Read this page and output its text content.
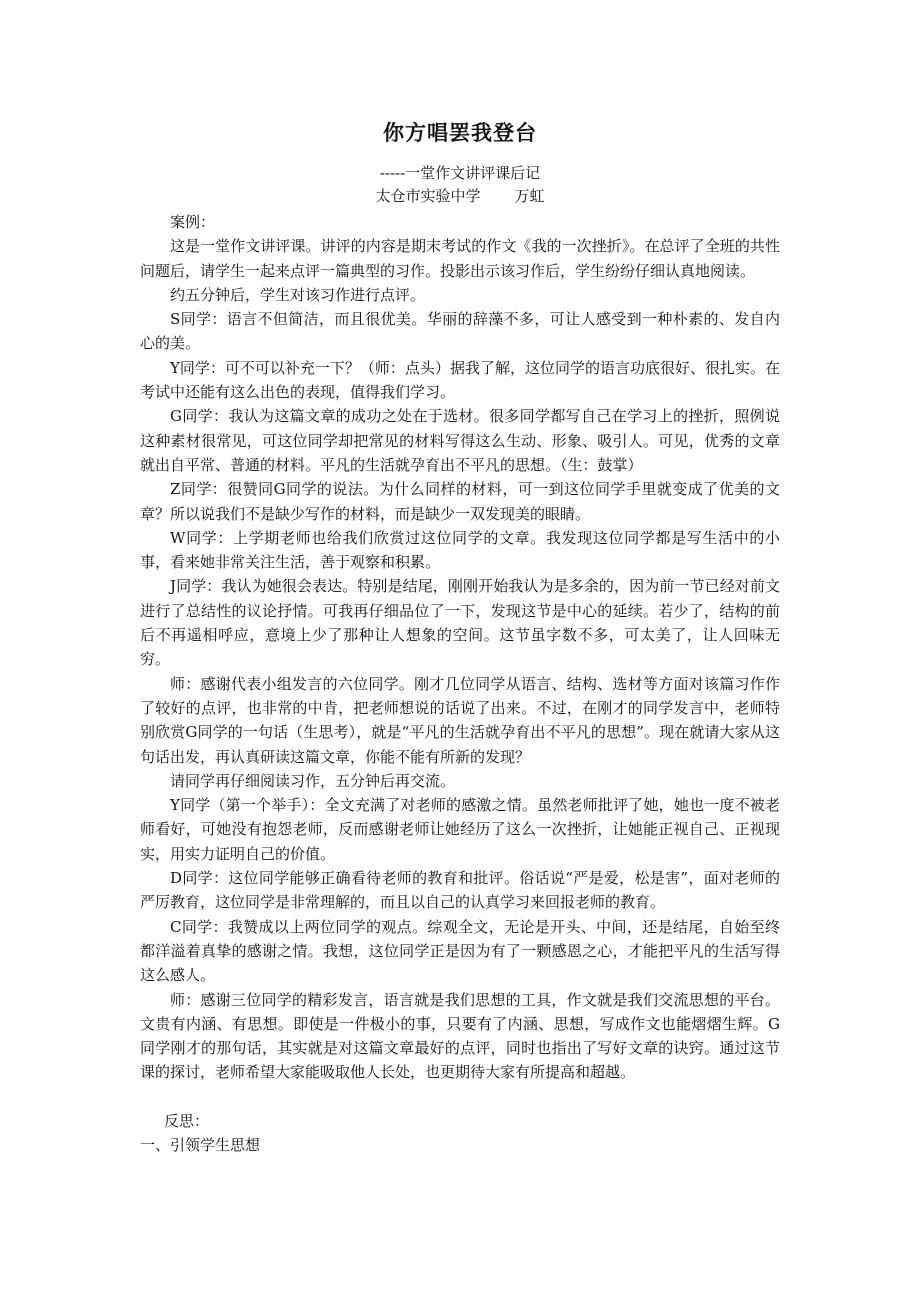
你方唱罢我登台

-----一堂作文讲评课后记

太仓市实验中学 万虹

案例：

这是一堂作文讲评课。讲评的内容是期末考试的作文《我的一次挫折》。在总评了全班的共性问题后，请学生一起来点评一篇典型的习作。投影出示该习作后，学生纷纷仔细认真地阅读。

约五分钟后，学生对该习作进行点评。

S同学：语言不但简洁，而且很优美。华丽的辞藻不多，可让人感受到一种朴素的、发自内心的美。

Y同学：可不可以补充一下？（师：点头）据我了解，这位同学的语言功底很好、很扎实。在考试中还能有这么出色的表现，值得我们学习。

G同学：我认为这篇文章的成功之处在于选材。很多同学都写自己在学习上的挫折，照例说这种素材很常见，可这位同学却把常见的材料写得这么生动、形象、吸引人。可见，优秀的文章就出自平常、普通的材料。平凡的生活就孕育出不平凡的思想。（生：鼓掌）

Z同学：很赞同G同学的说法。为什么同样的材料，可一到这位同学手里就变成了优美的文章？所以说我们不是缺少写作的材料，而是缺少一双发现美的眼睛。

W同学：上学期老师也给我们欣赏过这位同学的文章。我发现这位同学都是写生活中的小事，看来她非常关注生活，善于观察和积累。

J同学：我认为她很会表达。特别是结尾，刚刚开始我认为是多余的，因为前一节已经对前文进行了总结性的议论抒情。可我再仔细品位了一下，发现这节是中心的延续。若少了，结构的前后不再遥相呼应，意境上少了那种让人想象的空间。这节虽字数不多，可太美了，让人回味无穷。

师：感谢代表小组发言的六位同学。刚才几位同学从语言、结构、选材等方面对该篇习作作了较好的点评，也非常的中肯，把老师想说的话说了出来。不过，在刚才的同学发言中，老师特别欣赏G同学的一句话（生思考），就是“平凡的生活就孕育出不平凡的思想”。现在就请大家从这句话出发，再认真研读这篇文章，你能不能有所新的发现？

请同学再仔细阅读习作，五分钟后再交流。

Y同学（第一个举手）：全文充满了对老师的感激之情。虽然老师批评了她，她也一度不被老师看好，可她没有抱怨老师，反而感谢老师让她经历了这么一次挫折，让她能正视自己、正视现实，用实力证明自己的价值。

D同学：这位同学能够正确看待老师的教育和批评。俗话说“严是爱，松是害”，面对老师的严厉教育，这位同学是非常理解的，而且以自己的认真学习来回报老师的教育。

C同学：我赞成以上两位同学的观点。综观全文，无论是开头、中间，还是结尾，自始至终都洋溢着真挚的感谢之情。我想，这位同学正是因为有了一颗感恩之心，才能把平凡的生活写得这么感人。

师：感谢三位同学的精彩发言，语言就是我们思想的工具，作文就是我们交流思想的平台。文贵有内涵、有思想。即使是一件极小的事，只要有了内涵、思想，写成作文也能熠熠生辉。G同学刚才的那句话，其实就是对这篇文章最好的点评，同时也指出了写好文章的诀窍。通过这节课的探讨，老师希望大家能吸取他人长处，也更期待大家有所提高和超越。

反思：
一、引领学生思想
